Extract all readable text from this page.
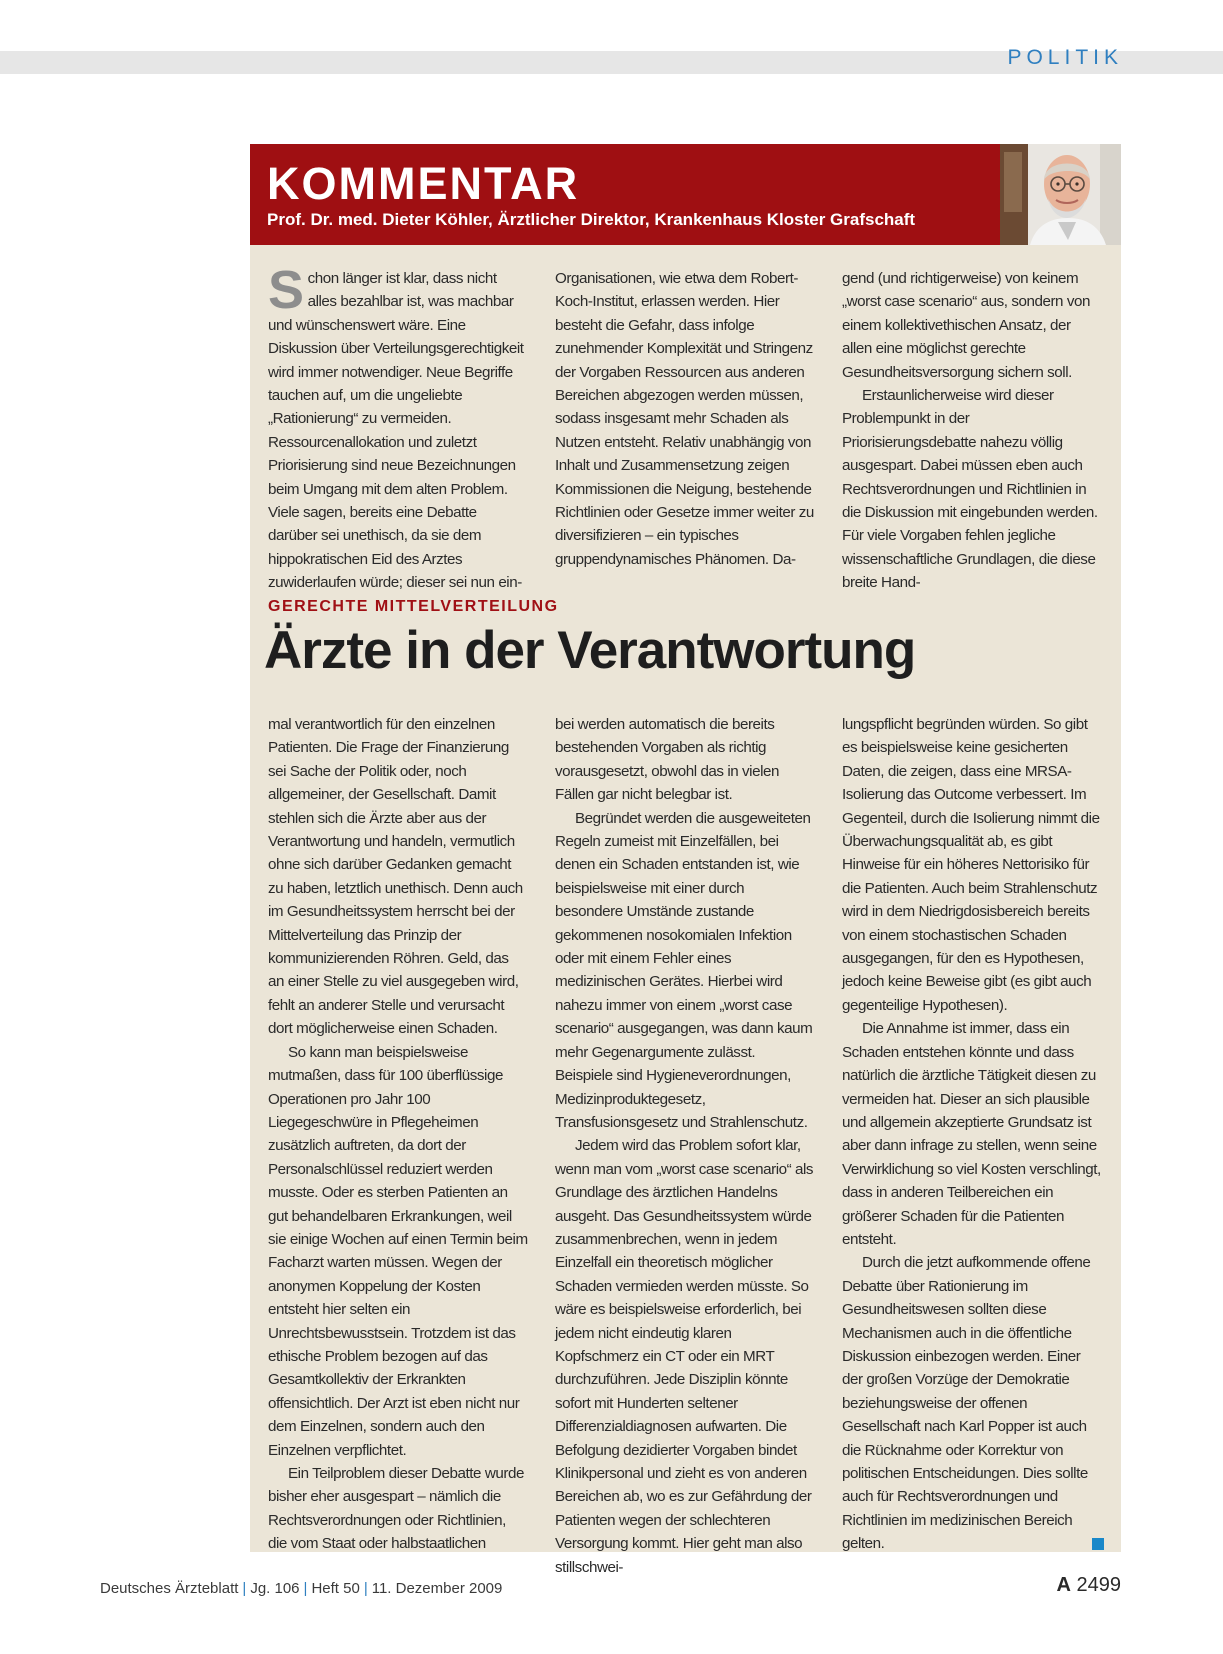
POLITIK
KOMMENTAR

Prof. Dr. med. Dieter Köhler, Ärztlicher Direktor, Krankenhaus Kloster Grafschaft

Schon länger ist klar, dass nicht alles bezahlbar ist, was machbar und wünschenswert wäre. Eine Diskussion über Verteilungsgerechtigkeit wird immer notwendiger. Neue Begriffe tauchen auf, um die ungeliebte „Rationierung“ zu vermeiden. Ressourcenallokation und zuletzt Priorisierung sind neue Bezeichnungen beim Umgang mit dem alten Problem. Viele sagen, bereits eine Debatte darüber sei unethisch, da sie dem hippokratischen Eid des Arztes zuwiderlaufen würde; dieser sei nun ein-

Organisationen, wie etwa dem Robert-Koch-Institut, erlassen werden. Hier besteht die Gefahr, dass infolge zunehmender Komplexität und Stringenz der Vorgaben Ressourcen aus anderen Bereichen abgezogen werden müssen, sodass insgesamt mehr Schaden als Nutzen entsteht. Relativ unabhängig von Inhalt und Zusammensetzung zeigen Kommissionen die Neigung, bestehende Richtlinien oder Gesetze immer weiter zu diversifizieren – ein typisches gruppendynamisches Phänomen. Da-

gend (und richtigerweise) von keinem „worst case scenario“ aus, sondern von einem kollektivethischen Ansatz, der allen eine möglichst gerechte Gesundheitsversorgung sichern soll.

Erstaunlicherweise wird dieser Problempunkt in der Priorisierungsdebatte nahezu völlig ausgespart. Dabei müssen eben auch Rechtsverordnungen und Richtlinien in die Diskussion mit eingebunden werden. Für viele Vorgaben fehlen jegliche wissenschaftliche Grundlagen, die diese breite Hand-

GERECHTE MITTELVERTEILUNG
Ärzte in der Verantwortung

mal verantwortlich für den einzelnen Patienten. Die Frage der Finanzierung sei Sache der Politik oder, noch allgemeiner, der Gesellschaft. Damit stehlen sich die Ärzte aber aus der Verantwortung und handeln, vermutlich ohne sich darüber Gedanken gemacht zu haben, letztlich unethisch. Denn auch im Gesundheitssystem herrscht bei der Mittelverteilung das Prinzip der kommunizierenden Röhren. Geld, das an einer Stelle zu viel ausgegeben wird, fehlt an anderer Stelle und verursacht dort möglicherweise einen Schaden.

So kann man beispielsweise mutmaßen, dass für 100 überflüssige Operationen pro Jahr 100 Liegegeschwüre in Pflegeheimen zusätzlich auftreten, da dort der Personalschlüssel reduziert werden musste. Oder es sterben Patienten an gut behandelbaren Erkrankungen, weil sie einige Wochen auf einen Termin beim Facharzt warten müssen. Wegen der anonymen Koppelung der Kosten entsteht hier selten ein Unrechtsbewusstsein. Trotzdem ist das ethische Problem bezogen auf das Gesamtkollektiv der Erkrankten offensichtlich. Der Arzt ist eben nicht nur dem Einzelnen, sondern auch den Einzelnen verpflichtet.

Ein Teilproblem dieser Debatte wurde bisher eher ausgespart – nämlich die Rechtsverordnungen oder Richtlinien, die vom Staat oder halbstaatlichen

bei werden automatisch die bereits bestehenden Vorgaben als richtig vorausgesetzt, obwohl das in vielen Fällen gar nicht belegbar ist.

Begründet werden die ausgeweiteten Regeln zumeist mit Einzelfällen, bei denen ein Schaden entstanden ist, wie beispielsweise mit einer durch besondere Umstände zustande gekommenen nosokomialen Infektion oder mit einem Fehler eines medizinischen Gerätes. Hierbei wird nahezu immer von einem „worst case scenario“ ausgegangen, was dann kaum mehr Gegenargumente zulässt. Beispiele sind Hygieneverordnungen, Medizinproduktegesetz, Transfusionsgesetz und Strahlenschutz.

Jedem wird das Problem sofort klar, wenn man vom „worst case scenario“ als Grundlage des ärztlichen Handelns ausgeht. Das Gesundheitssystem würde zusammenbrechen, wenn in jedem Einzelfall ein theoretisch möglicher Schaden vermieden werden müsste. So wäre es beispielsweise erforderlich, bei jedem nicht eindeutig klaren Kopfschmerz ein CT oder ein MRT durchzuführen. Jede Disziplin könnte sofort mit Hunderten seltener Differenzialdiagnosen aufwarten. Die Befolgung dezidierter Vorgaben bindet Klinikpersonal und zieht es von anderen Bereichen ab, wo es zur Gefährdung der Patienten wegen der schlechteren Versorgung kommt. Hier geht man also stillschwei-

lungspflicht begründen würden. So gibt es beispielsweise keine gesicherten Daten, die zeigen, dass eine MRSA-Isolierung das Outcome verbessert. Im Gegenteil, durch die Isolierung nimmt die Überwachungsqualität ab, es gibt Hinweise für ein höheres Nettorisiko für die Patienten. Auch beim Strahlenschutz wird in dem Niedrigdosisbereich bereits von einem stochastischen Schaden ausgegangen, für den es Hypothesen, jedoch keine Beweise gibt (es gibt auch gegenteilige Hypothesen).

Die Annahme ist immer, dass ein Schaden entstehen könnte und dass natürlich die ärztliche Tätigkeit diesen zu vermeiden hat. Dieser an sich plausible und allgemein akzeptierte Grundsatz ist aber dann infrage zu stellen, wenn seine Verwirklichung so viel Kosten verschlingt, dass in anderen Teilbereichen ein größerer Schaden für die Patienten entsteht.

Durch die jetzt aufkommende offene Debatte über Rationierung im Gesundheitswesen sollten diese Mechanismen auch in die öffentliche Diskussion einbezogen werden. Einer der großen Vorzüge der Demokratie beziehungsweise der offenen Gesellschaft nach Karl Popper ist auch die Rücknahme oder Korrektur von politischen Entscheidungen. Dies sollte auch für Rechtsverordnungen und Richtlinien im medizinischen Bereich gelten.

Deutsches Ärzteblatt | Jg. 106 | Heft 50 | 11. Dezember 2009	A 2499
